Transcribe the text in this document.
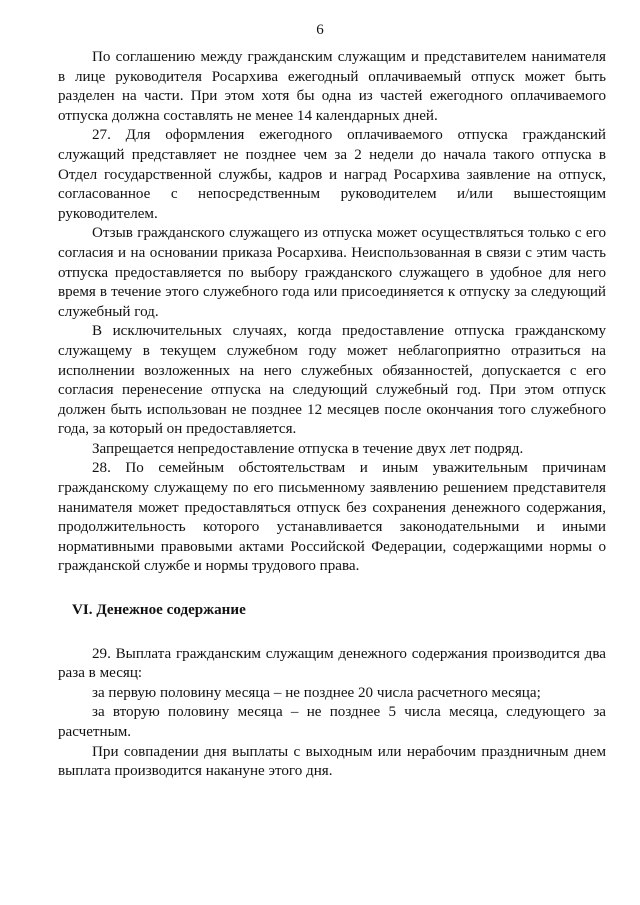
6

По соглашению между гражданским служащим и представителем нанимателя в лице руководителя Росархива ежегодный оплачиваемый отпуск может быть разделен на части. При этом хотя бы одна из частей ежегодного оплачиваемого отпуска должна составлять не менее 14 календарных дней.

27. Для оформления ежегодного оплачиваемого отпуска гражданский служащий представляет не позднее чем за 2 недели до начала такого отпуска в Отдел государственной службы, кадров и наград Росархива заявление на отпуск, согласованное с непосредственным руководителем и/или вышестоящим руководителем.

Отзыв гражданского служащего из отпуска может осуществляться только с его согласия и на основании приказа Росархива. Неиспользованная в связи с этим часть отпуска предоставляется по выбору гражданского служащего в удобное для него время в течение этого служебного года или присоединяется к отпуску за следующий служебный год.

В исключительных случаях, когда предоставление отпуска гражданскому служащему в текущем служебном году может неблагоприятно отразиться на исполнении возложенных на него служебных обязанностей, допускается с его согласия перенесение отпуска на следующий служебный год. При этом отпуск должен быть использован не позднее 12 месяцев после окончания того служебного года, за который он предоставляется.

Запрещается непредоставление отпуска в течение двух лет подряд.

28. По семейным обстоятельствам и иным уважительным причинам гражданскому служащему по его письменному заявлению решением представителя нанимателя может предоставляться отпуск без сохранения денежного содержания, продолжительность которого устанавливается законодательными и иными нормативными правовыми актами Российской Федерации, содержащими нормы о гражданской службе и нормы трудового права.

VI. Денежное содержание

29. Выплата гражданским служащим денежного содержания производится два раза в месяц:

за первую половину месяца – не позднее 20 числа расчетного месяца;

за вторую половину месяца – не позднее 5 числа месяца, следующего за расчетным.

При совпадении дня выплаты с выходным или нерабочим праздничным днем выплата производится накануне этого дня.
